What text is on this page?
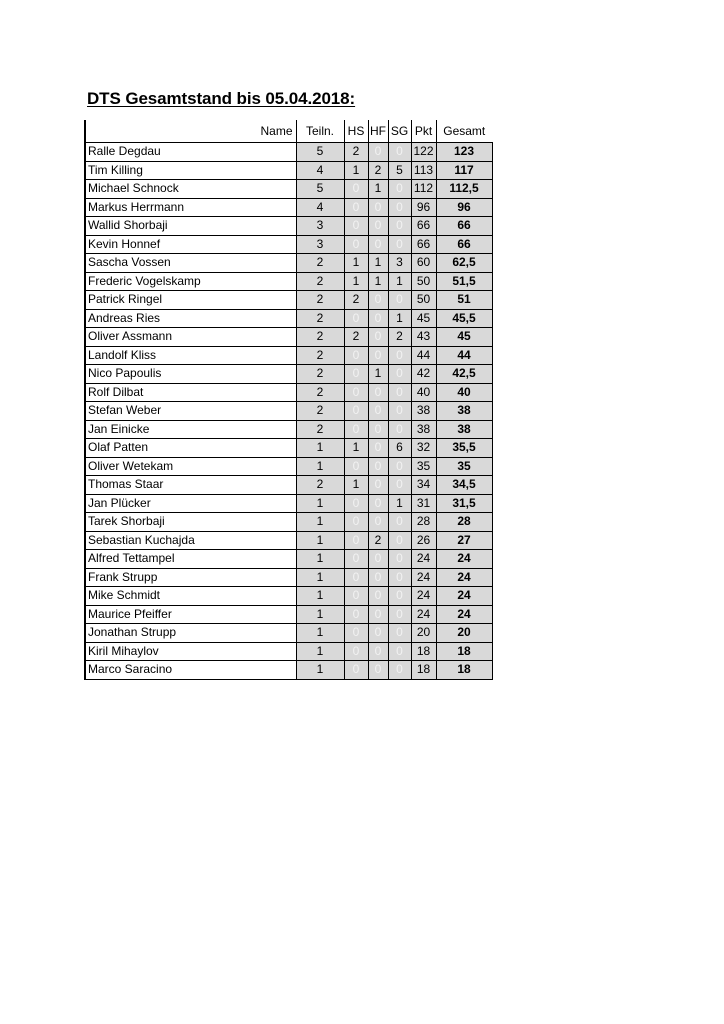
DTS Gesamtstand bis 05.04.2018:
Name	Teiln.	HS	HF	SG	Pkt	Gesamt
Ralle Degdau	5	2	0	0	122	123
Tim Killing	4	1	2	5	113	117
Michael Schnock	5	0	1	0	112	112,5
Markus Herrmann	4	0	0	0	96	96
Wallid Shorbaji	3	0	0	0	66	66
Kevin Honnef	3	0	0	0	66	66
Sascha Vossen	2	1	1	3	60	62,5
Frederic Vogelskamp	2	1	1	1	50	51,5
Patrick Ringel	2	2	0	0	50	51
Andreas Ries	2	0	0	1	45	45,5
Oliver Assmann	2	2	0	2	43	45
Landolf Kliss	2	0	0	0	44	44
Nico Papoulis	2	0	1	0	42	42,5
Rolf Dilbat	2	0	0	0	40	40
Stefan Weber	2	0	0	0	38	38
Jan Einicke	2	0	0	0	38	38
Olaf Patten	1	1	0	6	32	35,5
Oliver Wetekam	1	0	0	0	35	35
Thomas Staar	2	1	0	0	34	34,5
Jan Plücker	1	0	0	1	31	31,5
Tarek Shorbaji	1	0	0	0	28	28
Sebastian Kuchajda	1	0	2	0	26	27
Alfred Tettampel	1	0	0	0	24	24
Frank Strupp	1	0	0	0	24	24
Mike Schmidt	1	0	0	0	24	24
Maurice Pfeiffer	1	0	0	0	24	24
Jonathan Strupp	1	0	0	0	20	20
Kiril Mihaylov	1	0	0	0	18	18
Marco Saracino	1	0	0	0	18	18
